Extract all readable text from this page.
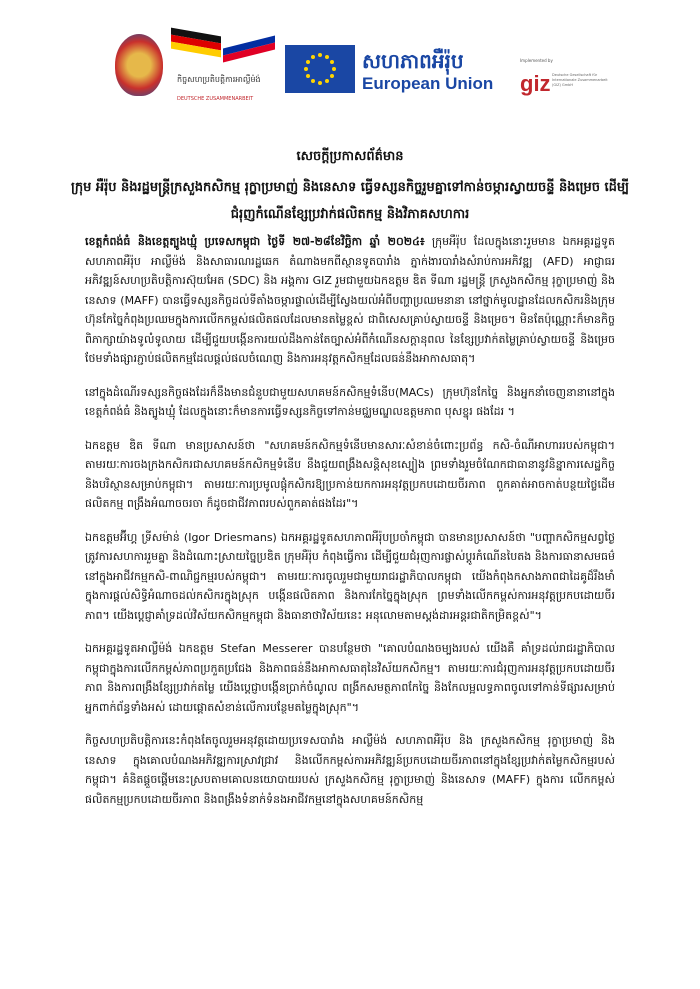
កិច្ចសហប្រតិបត្តិការអាល្លឺម៉ង់
DEUTSCHE ZUSAMMENARBEIT
សហភាពអឺរ៉ុប
European Union
Implemented by
giz Deutsche Gesellschaft für Internationale Zusammenarbeit (GIZ) GmbH
សេចក្តីប្រកាសព័ត៌មាន
ក្រុម អឺរ៉ុប និងរដ្ឋមន្ត្រីក្រសួងកសិកម្ម រុក្ខាប្រមាញ់ និងនេសាទ ធ្វើទស្សនកិច្ចរួមគ្នាទៅកាន់ចម្ការស្វាយចន្ទី និងម្រេច ដើម្បីជំរុញកំណើនខ្សែប្រវាក់ផលិតកម្ម និងវិភាគសហការ

ខេត្តកំពង់ធំ និងខេត្តត្បូងឃ្មុំ ប្រទេសកម្ពុជា ថ្ងៃទី ២៧-២៨ខែវិច្ឆិកា ឆ្នាំ ២០២៤៖ ក្រុមអឺរ៉ុប ដែលក្នុងនោះរួមមាន ឯកអគ្គរដ្ឋទូតសហភាពអឺរ៉ុប អាល្លឺម៉ង់ និងសាធារណរដ្ឋឆេក តំណាងមកពីស្ថានទូតបារាំង ភ្នាក់ងារបារាំងសំរាប់ការអភិវឌ្ឍ (AFD) អាជ្ញាធរអភិវឌ្ឍន៍សហប្រតិបត្តិការស៊ុយអែត (SDC) និង អង្គការ GIZ រួមជាមួយឯកឧត្តម ឌិត ទីណា រដ្ឋមន្ត្រី ក្រសួងកសិកម្ម រុក្ខាប្រមាញ់ និងនេសាទ (MAFF) បានធ្វើទស្សនកិច្ចដល់ទីតាំងចម្ការផ្ទាល់ដើម្បីស្វែងយល់អំពីបញ្ហាប្រឈមនានា នៅថ្នាក់មូលដ្ឋានដែលកសិករនិងក្រុមហ៊ុនកែច្នៃកំពុងប្រឈមក្នុងការលើកកម្ពស់ផលិតផលដែលមានតម្លៃខ្ពស់ ជាពិសេសគ្រាប់ស្វាយចន្ទី និងម្រេច។ មិនតែប៉ុណ្ណោះក៏មានកិច្ចពិភាក្សាយ៉ាងទូលំទូលាយ ដើម្បីជួយបង្កើនការយល់ដឹងកាន់តែច្បាស់អំពីកំណើនសក្តានុពល នៃខ្សែប្រវាក់តម្លៃគ្រាប់ស្វាយចន្ទី និងម្រេច ថែមទាំងផ្សារភ្ជាប់ផលិតកម្មដែលផ្តល់ផលចំណេញ និងការអនុវត្តកសិកម្មដែលធន់នឹងអាកាសធាតុ។

នៅក្នុងដំណើរទស្សនកិច្ចផងដែរក៏នឹងមានជំនួបជាមួយសហគមន៍កសិកម្មទំនើប(MACs) ក្រុមហ៊ុនកែច្នៃ និងអ្នកនាំចេញនានានៅក្នុងខេត្តកំពង់ធំ និងត្បូងឃ្មុំ ដែលក្នុងនោះក៏មានការធ្វើទស្សនកិច្ចទៅកាន់មជ្ឈមណ្ឌលឧត្តមភាព បុសខ្នុរ ផងដែរ ។

ឯកឧត្តម ឌិត ទីណា មានប្រសាសន៍ថា "សហគមន៍កសិកម្មទំនើបមានសារៈសំខាន់ចំពោះប្រព័ន្ធ កសិ-ចំណីអាហាររបស់កម្ពុជា។ តាមរយៈការចងក្រងកសិករជាសហគមន៍កសិកម្មទំនើប នឹងជួយពង្រឹងសន្តិសុខស្បៀង ព្រមទាំងរួមចំណែកជាធានានូវនិន្នាការសេដ្ឋកិច្ច និងបរិស្ថានសម្រាប់កម្ពុជា។ តាមរយៈការប្រមូលផ្តុំកសិករឱ្យប្រកាន់យកការអនុវត្តប្រកបដោយចីរភាព ពួកគាត់អាចកាត់បន្ថយថ្លៃដើមផលិតកម្ម ពង្រឹងអំណាចចរចា ក៏ដូចជាជីវភាពរបស់ពួកគាត់ផងដែរ"។

ឯកឧត្តមអ៊ីហ្គ ទ្រីសម៉ាន់ (Igor Driesmans) ឯកអគ្គរដ្ឋទូតសហភាពអឺរ៉ុបប្រចាំកម្ពុជា បានមានប្រសាសន៍ថា "បញ្ហាកសិកម្មសព្វថ្ងៃត្រូវការសហការរួមគ្នា និងដំណោះស្រាយច្នៃប្រឌិត ក្រុមអឺរ៉ុប កំពុងធ្វើការ ដើម្បីជួយជំរុញការផ្លាស់ប្តូរកំណើនបៃតង និងការធានាសមធម៌នៅក្នុងអាជីវកម្មកសិ-ពាណិជ្ជកម្មរបស់កម្ពុជា។ តាមរយៈការចូលរួមជាមួយរាជរដ្ឋាភិបាលកម្ពុជា យើងកំពុងកសាងភាពជាដៃគូដ៏រឹងមាំក្នុងការផ្តល់សិទ្ធិអំណាចដល់កសិករក្នុងស្រុក បង្កើនផលិតភាព និងការកែច្នៃក្នុងស្រុក ព្រមទាំងលើកកម្ពស់ការអនុវត្តប្រកបដោយចីរភាព។ យើងប្តេជ្ញាគាំទ្រដល់វិស័យកសិកម្មកម្ពុជា និងធានាថាវិស័យនេះ អនុលោមតាមស្តង់ដារអន្តរជាតិកម្រិតខ្ពស់"។

ឯកអគ្គរដ្ឋទូតអាល្លឺម៉ង់ ឯកឧត្តម Stefan Messerer បានបន្ថែមថា "គោលបំណងចម្បងរបស់ យើងគឺ គាំទ្រដល់រាជរដ្ឋាភិបាលកម្ពុជាក្នុងការលើកកម្ពស់ភាពប្រកួតប្រជែង និងភាពធន់នឹងអាកាសធាតុនៃវិស័យកសិកម្ម។ តាមរយៈការជំរុញការអនុវត្តប្រកបដោយចីរភាព និងការពង្រឹងខ្សែប្រវាក់តម្លៃ យើងប្តេជ្ញាបង្កើនប្រាក់ចំណូល ពង្រីកសមត្ថភាពកែច្នៃ និងកែលម្អលទ្ធភាពចូលទៅកាន់ទីផ្សារសម្រាប់អ្នកពាក់ព័ន្ធទាំងអស់ ដោយផ្តោតសំខាន់លើការបន្ថែមតម្លៃក្នុងស្រុក"។

កិច្ចសហប្រតិបត្តិការនេះកំពុងតែចូលរួមអនុវត្តដោយប្រទេសបារាំង អាល្លឺម៉ង់ សហភាពអឺរ៉ុប និង ក្រសួងកសិកម្ម រុក្ខាប្រមាញ់ និងនេសាទ ក្នុងគោលបំណងអភិវឌ្ឍការស្រាវជ្រាវ និងលើកកម្ពស់ការអភិវឌ្ឍន៍ប្រកបដោយចីរភាពនៅក្នុងខ្សែប្រវាក់តម្លៃកសិកម្មរបស់កម្ពុជា។ គំនិតផ្តួចផ្តើមនេះស្របតាមគោលនយោបាយរបស់ ក្រសួងកសិកម្ម រុក្ខាប្រមាញ់ និងនេសាទ (MAFF) ក្នុងការ លើកកម្ពស់ផលិតកម្មប្រកបដោយចីរភាព និងពង្រឹងទំនាក់ទំនងអាជីវកម្មនៅក្នុងសហគមន៍កសិកម្ម
